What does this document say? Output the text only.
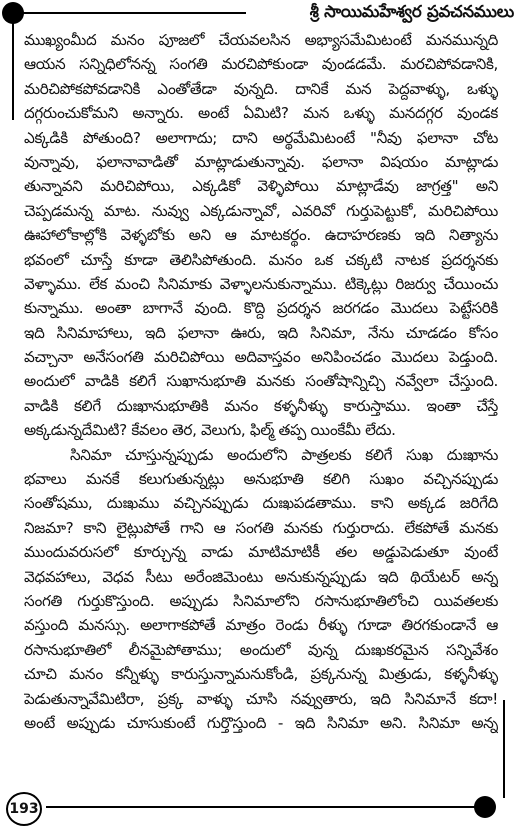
శ్రీ సాయిమహేశ్వర ప్రవచనములు
ముఖ్యంమీద మనం పూజలో చేయవలసిన అభ్యాసమేమిటంటే మనమున్నది
ఆయన సన్నిధిలోనన్న సంగతి మరచిపోకుండా వుండడమే. మరచిపోవడానికి,
మరిచిపోకపోవడానికి ఎంతోతేడా వున్నది. దానికే మన పెద్దవాళ్ళు, ఒళ్ళు
దగ్గరుంచుకోమని అన్నారు. అంటే ఏమిటి? మన ఒళ్ళు మనదగ్గర వుండక
ఎక్కడికి పోతుంది? అలాగాదు; దాని అర్థమేమిటంటే "నీవు ఫలానా చోట
వున్నావు, ఫలానావాడితో మాట్లాడుతున్నావు. ఫలానా విషయం మాట్లాడు
తున్నావని మరిచిపోయి, ఎక్కడికో వెళ్ళిపోయి మాట్లాడేవు జాగ్రత్త" అని
చెప్పడమన్న మాట. నువ్వు ఎక్కడున్నావో, ఎవరివో గుర్తుపెట్టుకో, మరిచిపోయి
ఊహాలోకాల్లోకి వెళ్ళబోకు అని ఆ మాటకర్థం. ఉదాహరణకు ఇది నిత్యాను
భవంలో చూస్తే కూడా తెలిసిపోతుంది. మనం ఒక చక్కటి నాటక ప్రదర్శనకు
వెళ్ళాము. లేక మంచి సినిమాకు వెళ్ళాలనుకున్నాము. టిక్కెట్లు రిజర్వు చేయించు
కున్నాము. అంతా బాగానే వుంది. కొద్ది ప్రదర్శన జరగడం మొదలు పెట్టేసరికి
ఇది సినిమాహాలు, ఇది ఫలానా ఊరు, ఇది సినిమా, నేను చూడడం కోసం
వచ్చానా అనేసంగతి మరిచిపోయి అదివాస్తవం అనిపించడం మొదలు పెడ్తుంది.
అందులో వాడికి కలిగే సుఖానుభూతి మనకు సంతోషాన్నిచ్చి నవ్వేలా చేస్తుంది.
వాడికి కలిగే దుఃఖానుభూతికి మనం కళ్ళనీళ్ళు కారుస్తాము. ఇంతా చేస్తే
అక్కడున్నదేమిటి? కేవలం తెర, వెలుగు, ఫిల్మ్ తప్ప యింకేమీ లేదు.
సినిమా చూస్తున్నప్పుడు అందులోని పాత్రలకు కలిగే సుఖ దుఃఖాను
భవాలు మనకే కలుగుతున్నట్లు అనుభూతి కలిగి సుఖం వచ్చినప్పుడు
సంతోషము, దుఃఖము వచ్చినప్పుడు దుఃఖపడతాము. కాని అక్కడ జరిగేది
నిజమా? కాని లైట్లుపోతే గాని ఆ సంగతి మనకు గుర్తురాదు. లేకపోతే మనకు
ముందువరుసలో కూర్చున్న వాడు మాటిమాటికీ తల అడ్డుపెడుతూ వుంటే
వెధవహాలు, వెధవ సీటు అరేంజిమెంటు అనుకున్నప్పుడు ఇది థియేటర్ అన్న
సంగతి గుర్తుకొస్తుంది. అప్పుడు సినిమాలోని రసానుభూతిలోంచి యివతలకు
వస్తుంది మనస్సు. అలాగాకపోతే మాత్రం రెండు రీళ్ళు గూడా తిరగకుండానే ఆ
రసానుభూతిలో లీనమైపోతాము; అందులో వున్న దుఃఖకరమైన సన్నివేశం
చూచి మనం కన్నీళ్ళు కారుస్తున్నామనుకోండి, ప్రక్కనున్న మిత్రుడు, కళ్ళనీళ్ళు
పెడుతున్నావేమిటిరా, ప్రక్క వాళ్ళు చూసి నవ్వుతారు, ఇది సినిమానే కదా!
అంటే అప్పుడు చూసుకుంటే గుర్తొస్తుంది - ఇది సినిమా అని. సినిమా అన్న
193
